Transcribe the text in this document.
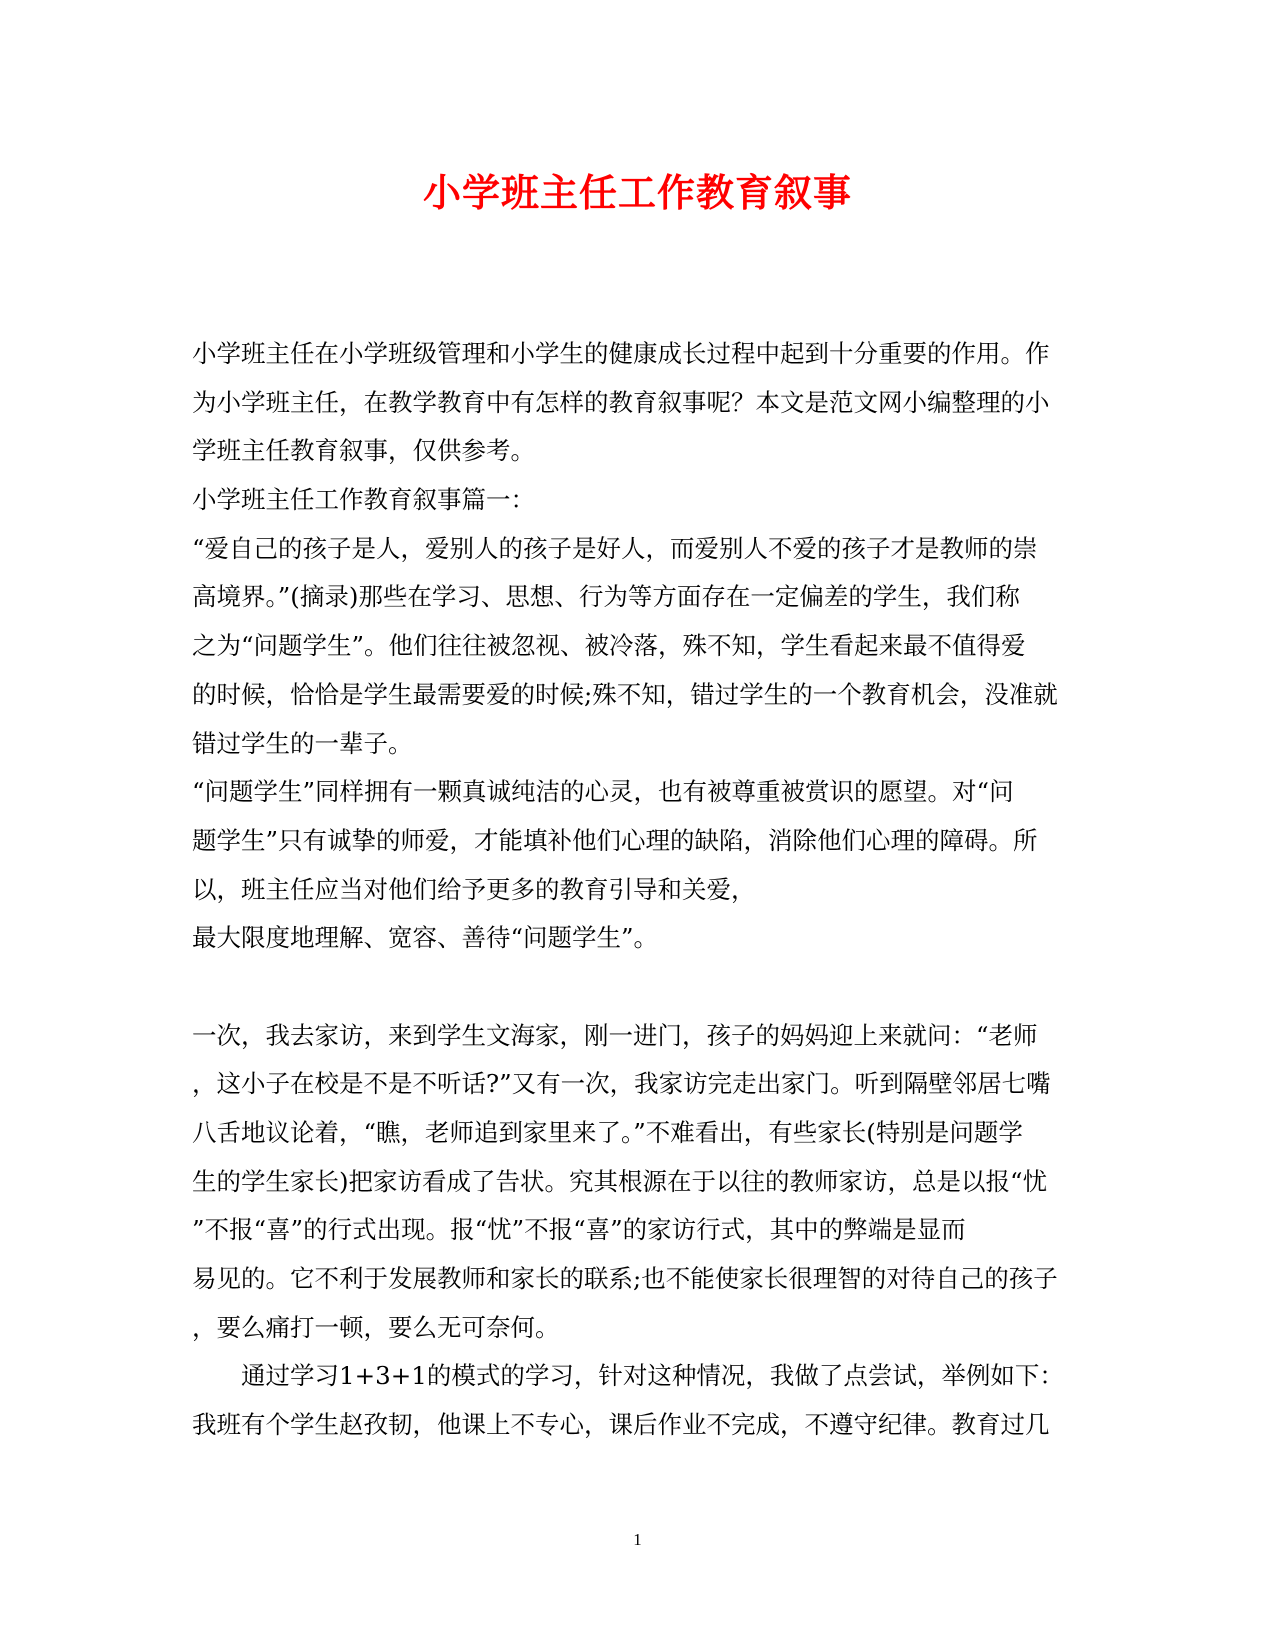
小学班主任工作教育叙事
小学班主任在小学班级管理和小学生的健康成长过程中起到十分重要的作用。作
为小学班主任，在教学教育中有怎样的教育叙事呢？本文是范文网小编整理的小
学班主任教育叙事，仅供参考。
小学班主任工作教育叙事篇一：
“爱自己的孩子是人，爱别人的孩子是好人，而爱别人不爱的孩子才是教师的崇
高境界。”(摘录)那些在学习、思想、行为等方面存在一定偏差的学生，我们称
之为“问题学生”。他们往往被忽视、被冷落，殊不知，学生看起来最不值得爱
的时候，恰恰是学生最需要爱的时候;殊不知，错过学生的一个教育机会，没准就
错过学生的一辈子。
“问题学生”同样拥有一颗真诚纯洁的心灵，也有被尊重被赏识的愿望。对“问
题学生”只有诚挚的师爱，才能填补他们心理的缺陷，消除他们心理的障碍。所
以，班主任应当对他们给予更多的教育引导和关爱，
最大限度地理解、宽容、善待“问题学生”。
一次，我去家访，来到学生文海家，刚一进门，孩子的妈妈迎上来就问：“老师
，这小子在校是不是不听话?”又有一次，我家访完走出家门。听到隔壁邻居七嘴
八舌地议论着，“瞧，老师追到家里来了。”不难看出，有些家长(特别是问题学
生的学生家长)把家访看成了告状。究其根源在于以往的教师家访，总是以报“忧
”不报“喜”的行式出现。报“忧”不报“喜”的家访行式，其中的弊端是显而
易见的。它不利于发展教师和家长的联系;也不能使家长很理智的对待自己的孩子
，要么痛打一顿，要么无可奈何。
通过学习1+3+1的模式的学习，针对这种情况，我做了点尝试，举例如下：
我班有个学生赵孜韧，他课上不专心，课后作业不完成，不遵守纪律。教育过几
1
